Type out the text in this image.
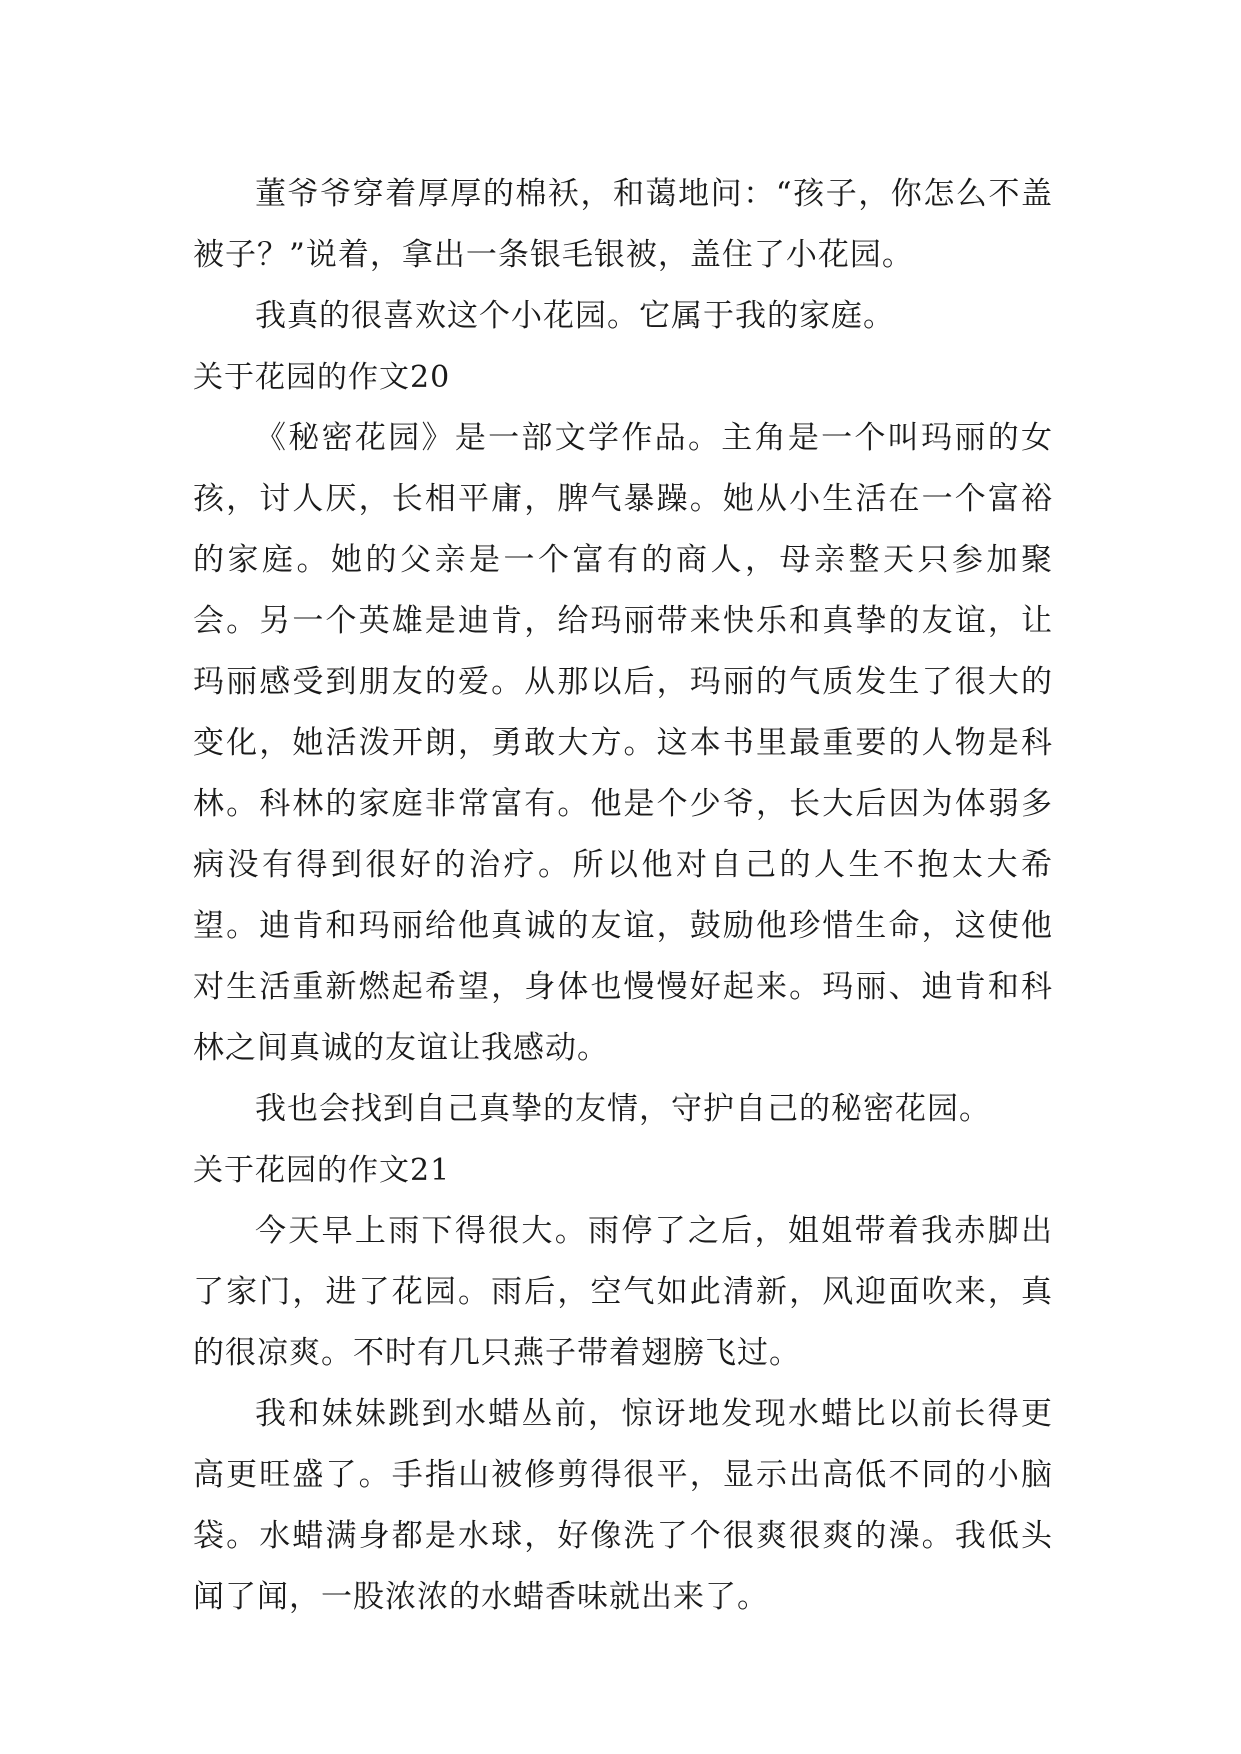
董爷爷穿着厚厚的棉袄，和蔼地问：“孩子，你怎么不盖被子？”说着，拿出一条银毛银被，盖住了小花园。

我真的很喜欢这个小花园。它属于我的家庭。

关于花园的作文20

《秘密花园》是一部文学作品。主角是一个叫玛丽的女孩，讨人厌，长相平庸，脾气暴躁。她从小生活在一个富裕的家庭。她的父亲是一个富有的商人，母亲整天只参加聚会。另一个英雄是迪肯，给玛丽带来快乐和真挚的友谊，让玛丽感受到朋友的爱。从那以后，玛丽的气质发生了很大的变化，她活泼开朗，勇敢大方。这本书里最重要的人物是科林。科林的家庭非常富有。他是个少爷，长大后因为体弱多病没有得到很好的治疗。所以他对自己的人生不抱太大希望。迪肯和玛丽给他真诚的友谊，鼓励他珍惜生命，这使他对生活重新燃起希望，身体也慢慢好起来。玛丽、迪肯和科林之间真诚的友谊让我感动。

我也会找到自己真挚的友情，守护自己的秘密花园。

关于花园的作文21

今天早上雨下得很大。雨停了之后，姐姐带着我赤脚出了家门，进了花园。雨后，空气如此清新，风迎面吹来，真的很凉爽。不时有几只燕子带着翅膀飞过。

我和妹妹跳到水蜡丛前，惊讶地发现水蜡比以前长得更高更旺盛了。手指山被修剪得很平，显示出高低不同的小脑袋。水蜡满身都是水球，好像洗了个很爽很爽的澡。我低头闻了闻，一股浓浓的水蜡香味就出来了。
